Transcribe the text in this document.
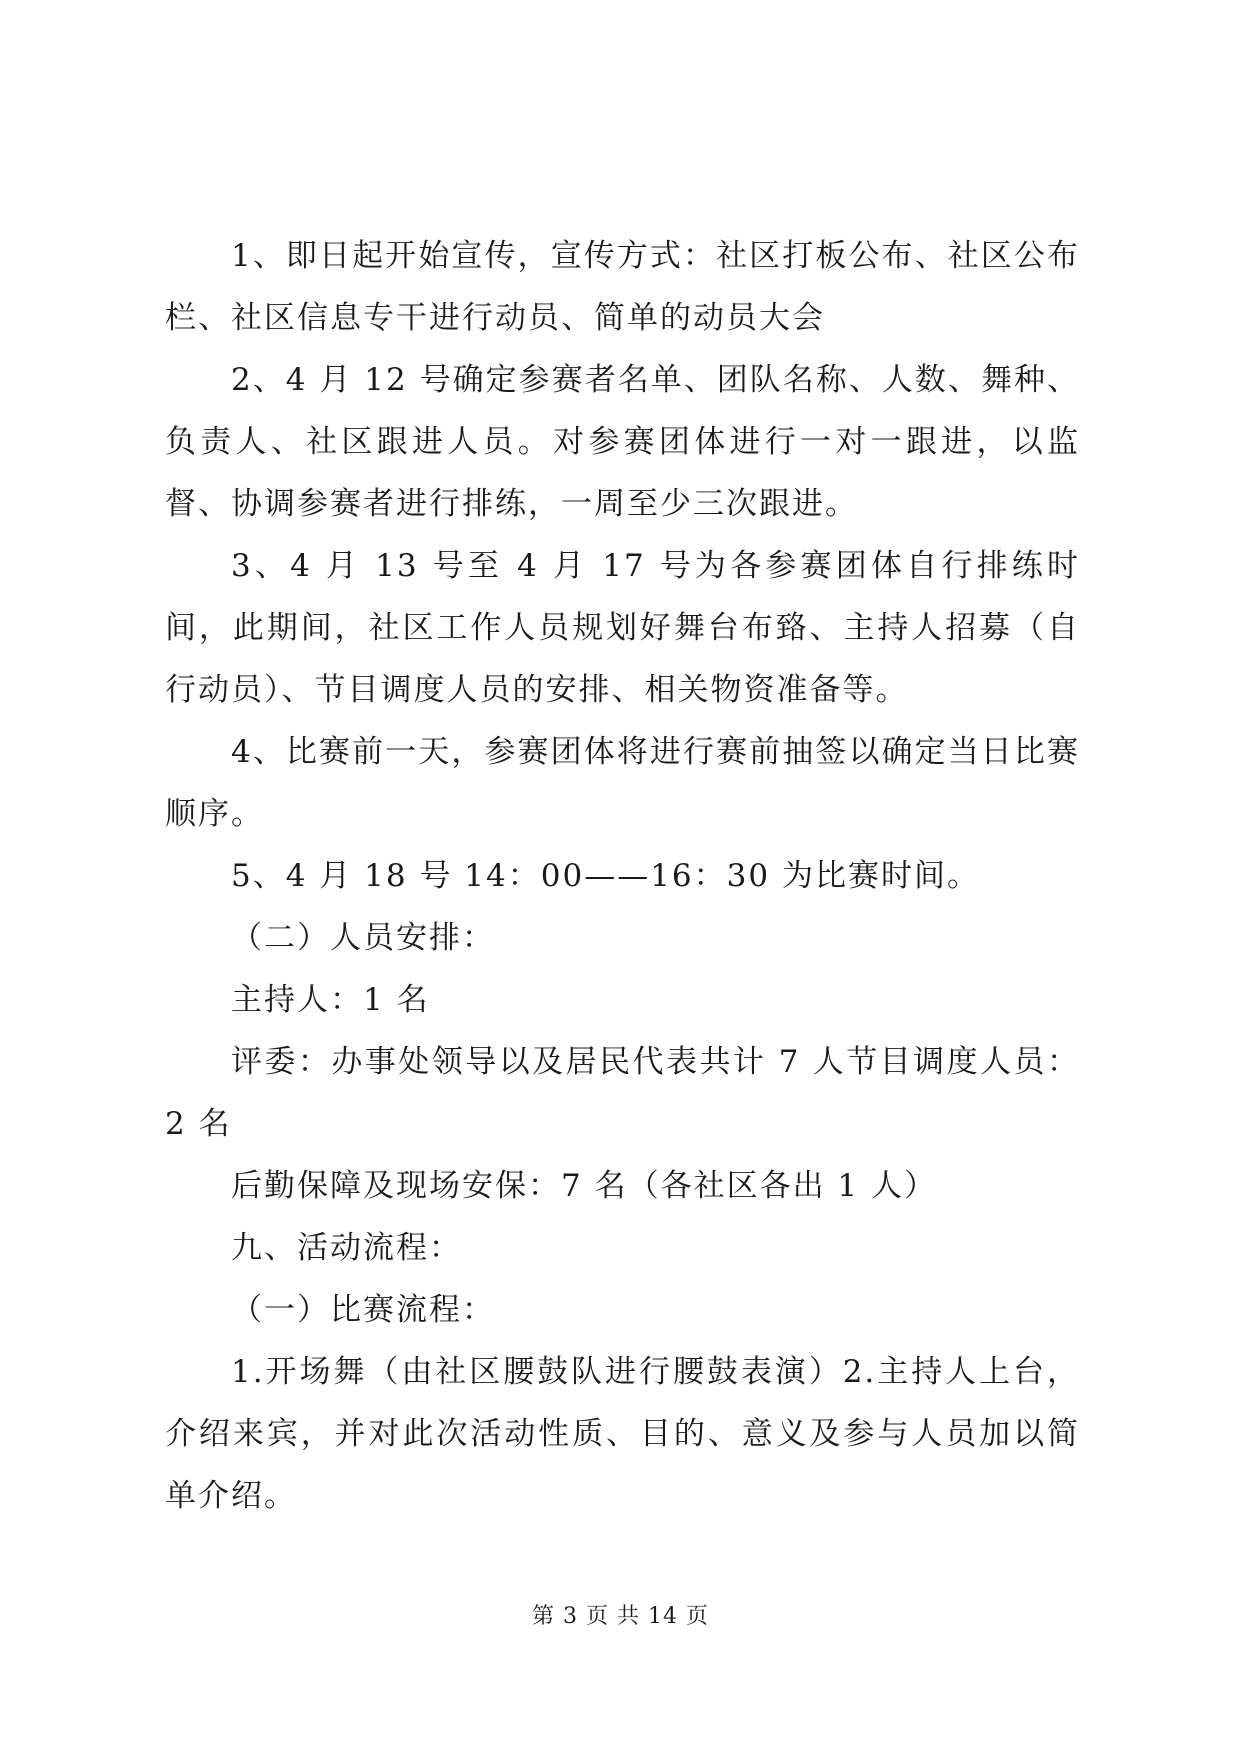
1、即日起开始宣传，宣传方式：社区打板公布、社区公布栏、社区信息专干进行动员、简单的动员大会

2、4 月 12 号确定参赛者名单、团队名称、人数、舞种、负责人、社区跟进人员。对参赛团体进行一对一跟进，以监督、协调参赛者进行排练，一周至少三次跟进。

3、4 月 13 号至 4 月 17 号为各参赛团体自行排练时间，此期间，社区工作人员规划好舞台布臵、主持人招募（自行动员）、节目调度人员的安排、相关物资准备等。

4、比赛前一天，参赛团体将进行赛前抽签以确定当日比赛顺序。

5、4 月 18 号 14：00——16：30 为比赛时间。

（二）人员安排：

主持人：1 名

评委：办事处领导以及居民代表共计 7 人节目调度人员：2 名

后勤保障及现场安保：7 名（各社区各出 1 人）

九、活动流程：

（一）比赛流程：

1.开场舞（由社区腰鼓队进行腰鼓表演）2.主持人上台，介绍来宾，并对此次活动性质、目的、意义及参与人员加以简单介绍。

第 3 页 共 14 页
